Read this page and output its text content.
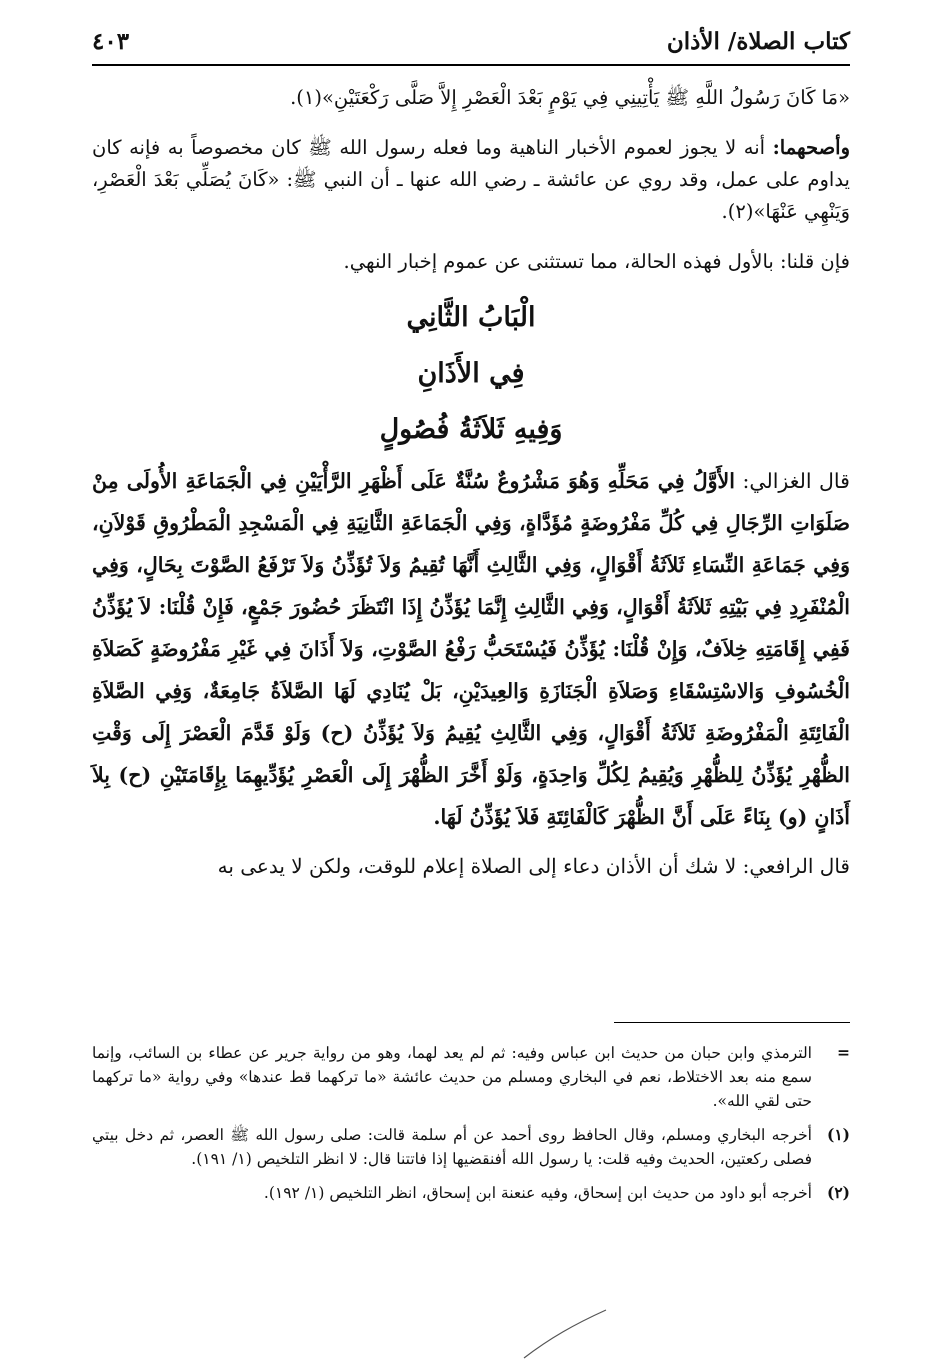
كتاب الصلاة/ الأذان
٤٠٣

«مَا كَانَ رَسُولُ اللَّهِ ﷺ يَأْتِينِي فِي يَوْمٍ بَعْدَ الْعَصْرِ إِلاَّ صَلَّى رَكْعَتَيْنِ»(١).

وأصحهما: أنه لا يجوز لعموم الأخبار الناهية وما فعله رسول الله ﷺ كان مخصوصاً به فإنه كان يداوم على عمل، وقد روي عن عائشة ـ رضي الله عنها ـ أن النبي ﷺ: «كَانَ يُصَلِّي بَعْدَ الْعَصْرِ، وَيَنْهِي عَنْهَا»(٢).

فإن قلنا: بالأول فهذه الحالة، مما تستثنى عن عموم إخبار النهي.

الْبَابُ الثَّانِي
فِي الأَذَانِ
وَفِيهِ ثَلاَثَةُ فُصُولٍ

قال الغزالي: الأَوَّلُ فِي مَحَلِّهِ وَهُوَ مَشْرُوعٌ سُنَّةٌ عَلَى أَظْهَرِ الرَّأْيَيْنِ فِي الْجَمَاعَةِ الأُولَى مِنْ صَلَوَاتِ الرِّجَالِ فِي كُلِّ مَفْرُوضَةٍ مُؤَدَّاةٍ، وَفِي الْجَمَاعَةِ الثَّانِيَةِ فِي الْمَسْجِدِ الْمَطْرُوقِ قَوْلاَنِ، وَفِي جَمَاعَةِ النِّسَاءِ ثَلاَثَةُ أَقْوَالٍ، وَفِي الثَّالِثِ أَنَّهَا تُقِيمُ وَلاَ تُؤَذِّنُ وَلاَ تَرْفَعُ الصَّوْتَ بِحَالٍ، وَفِي الْمُنْفَرِدِ فِي بَيْتِهِ ثَلاَثَةُ أَقْوَالٍ، وَفِي الثَّالِثِ إِنَّمَا يُؤَذِّنُ إِذَا انْتَظَرَ حُضُورَ جَمْعٍ، فَإِنْ قُلْنَا: لاَ يُؤَذِّنُ فَفِي إِقَامَتِهِ خِلاَفٌ، وَإِنْ قُلْنَا: يُؤَذِّنُ فَيُسْتَحَبُّ رَفْعُ الصَّوْتِ، وَلاَ أَذَانَ فِي غَيْرِ مَفْرُوضَةٍ كَصَلاَةِ الْخُسُوفِ وَالاسْتِسْقَاءِ وَصَلاَةِ الْجَنَازَةِ وَالعِيدَيْنِ، بَلْ يُنَادِي لَهَا الصَّلاَةُ جَامِعَةٌ، وَفِي الصَّلاَةِ الْفَائِتَةِ الْمَفْرُوضَةِ ثَلاَثَةُ أَقْوَالٍ، وَفِي الثَّالِثِ يُقِيمُ وَلاَ يُؤَذِّنُ (ح) وَلَوْ قَدَّمَ الْعَصْرَ إِلَى وَقْتِ الظُّهْرِ يُؤَذِّنُ لِلظُّهْرِ وَيُقِيمُ لِكُلِّ وَاحِدَةٍ، وَلَوْ أَخَّرَ الظُّهْرَ إِلَى الْعَصْرِ يُؤَدِّيهِمَا بِإِقَامَتَيْنِ (ح) بِلاَ أَذَانٍ (و) بِنَاءً عَلَى أَنَّ الظُّهْرَ كَالْفَائِتَةِ فَلاَ يُؤَذِّنُ لَهَا.

قال الرافعي: لا شك أن الأذان دعاء إلى الصلاة إعلام للوقت، ولكن لا يدعى به

=
الترمذي وابن حبان من حديث ابن عباس وفيه: ثم لم يعد لهما، وهو من رواية جرير عن عطاء بن السائب، وإنما سمع منه بعد الاختلاط، نعم في البخاري ومسلم من حديث عائشة «ما تركهما قط عندها» وفي رواية «ما تركهما حتى لقي الله».
(١)
أخرجه البخاري ومسلم، وقال الحافظ روى أحمد عن أم سلمة قالت: صلى رسول الله ﷺ العصر، ثم دخل بيتي فصلى ركعتين، الحديث وفيه قلت: يا رسول الله أفنقضيها إذا فاتتنا قال: لا انظر التلخيص (١/ ١٩١).
(٢)
أخرجه أبو داود من حديث ابن إسحاق، وفيه عنعنة ابن إسحاق، انظر التلخيص (١/ ١٩٢).
